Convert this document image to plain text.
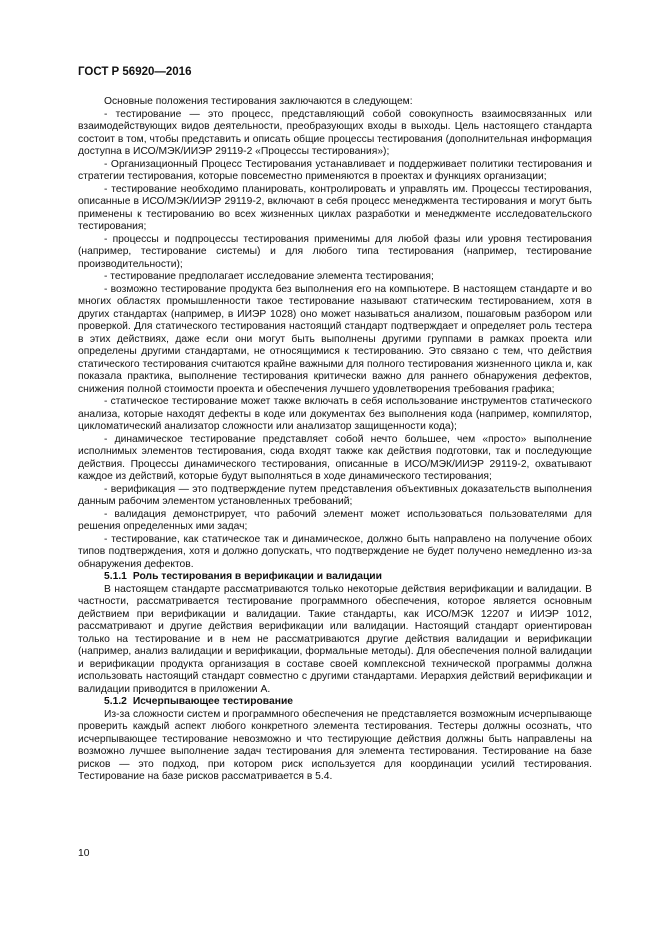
ГОСТ Р 56920—2016

Основные положения тестирования заключаются в следующем:

- тестирование — это процесс, представляющий собой совокупность взаимосвязанных или взаимодействующих видов деятельности, преобразующих входы в выходы. Цель настоящего стандарта состоит в том, чтобы представить и описать общие процессы тестирования (дополнительная информация доступна в ИСО/МЭК/ИИЭР 29119-2 «Процессы тестирования»);

- Организационный Процесс Тестирования устанавливает и поддерживает политики тестирования и стратегии тестирования, которые повсеместно применяются в проектах и функциях организации;

- тестирование необходимо планировать, контролировать и управлять им. Процессы тестирования, описанные в ИСО/МЭК/ИИЭР 29119-2, включают в себя процесс менеджмента тестирования и могут быть применены к тестированию во всех жизненных циклах разработки и менеджменте исследовательского тестирования;

- процессы и подпроцессы тестирования применимы для любой фазы или уровня тестирования (например, тестирование системы) и для любого типа тестирования (например, тестирование производительности);

- тестирование предполагает исследование элемента тестирования;

- возможно тестирование продукта без выполнения его на компьютере. В настоящем стандарте и во многих областях промышленности такое тестирование называют статическим тестированием, хотя в других стандартах (например, в ИИЭР 1028) оно может называться анализом, пошаговым разбором или проверкой. Для статического тестирования настоящий стандарт подтверждает и определяет роль тестера в этих действиях, даже если они могут быть выполнены другими группами в рамках проекта или определены другими стандартами, не относящимися к тестированию. Это связано с тем, что действия статического тестирования считаются крайне важными для полного тестирования жизненного цикла и, как показала практика, выполнение тестирования критически важно для раннего обнаружения дефектов, снижения полной стоимости проекта и обеспечения лучшего удовлетворения требования графика;

- статическое тестирование может также включать в себя использование инструментов статического анализа, которые находят дефекты в коде или документах без выполнения кода (например, компилятор, цикломатический анализатор сложности или анализатор защищенности кода);

- динамическое тестирование представляет собой нечто большее, чем «просто» выполнение исполнимых элементов тестирования, сюда входят также как действия подготовки, так и последующие действия. Процессы динамического тестирования, описанные в ИСО/МЭК/ИИЭР 29119-2, охватывают каждое из действий, которые будут выполняться в ходе динамического тестирования;

- верификация — это подтверждение путем представления объективных доказательств выполнения данным рабочим элементом установленных требований;

- валидация демонстрирует, что рабочий элемент может использоваться пользователями для решения определенных ими задач;

- тестирование, как статическое так и динамическое, должно быть направлено на получение обоих типов подтверждения, хотя и должно допускать, что подтверждение не будет получено немедленно из-за обнаружения дефектов.

5.1.1 Роль тестирования в верификации и валидации

В настоящем стандарте рассматриваются только некоторые действия верификации и валидации. В частности, рассматривается тестирование программного обеспечения, которое является основным действием при верификации и валидации. Такие стандарты, как ИСО/МЭК 12207 и ИИЭР 1012, рассматривают и другие действия верификации или валидации. Настоящий стандарт ориентирован только на тестирование и в нем не рассматриваются другие действия валидации и верификации (например, анализ валидации и верификации, формальные методы). Для обеспечения полной валидации и верификации продукта организация в составе своей комплексной технической программы должна использовать настоящий стандарт совместно с другими стандартами. Иерархия действий верификации и валидации приводится в приложении А.

5.1.2 Исчерпывающее тестирование

Из-за сложности систем и программного обеспечения не представляется возможным исчерпывающе проверить каждый аспект любого конкретного элемента тестирования. Тестеры должны осознать, что исчерпывающее тестирование невозможно и что тестирующие действия должны быть направлены на возможно лучшее выполнение задач тестирования для элемента тестирования. Тестирование на базе рисков — это подход, при котором риск используется для координации усилий тестирования. Тестирование на базе рисков рассматривается в 5.4.

10
